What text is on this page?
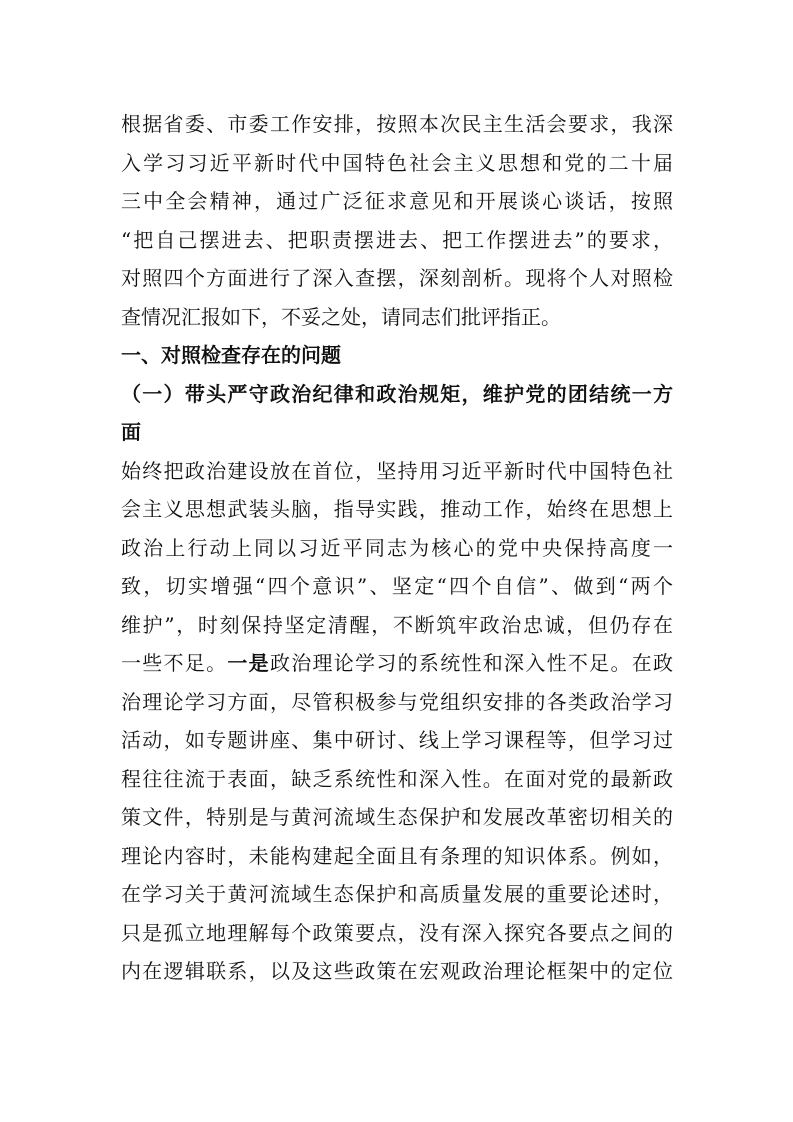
根据省委、市委工作安排，按照本次民主生活会要求，我深
入学习习近平新时代中国特色社会主义思想和党的二十届
三中全会精神，通过广泛征求意见和开展谈心谈话，按照
“把自己摆进去、把职责摆进去、把工作摆进去”的要求，
对照四个方面进行了深入查摆，深刻剖析。现将个人对照检
查情况汇报如下，不妥之处，请同志们批评指正。
一、对照检查存在的问题
（一）带头严守政治纪律和政治规矩，维护党的团结统一方
面
始终把政治建设放在首位，坚持用习近平新时代中国特色社
会主义思想武装头脑，指导实践，推动工作，始终在思想上
政治上行动上同以习近平同志为核心的党中央保持高度一
致，切实增强“四个意识”、坚定“四个自信”、做到“两个
维护”，时刻保持坚定清醒，不断筑牢政治忠诚，但仍存在
一些不足。一是政治理论学习的系统性和深入性不足。在政
治理论学习方面，尽管积极参与党组织安排的各类政治学习
活动，如专题讲座、集中研讨、线上学习课程等，但学习过
程往往流于表面，缺乏系统性和深入性。在面对党的最新政
策文件，特别是与黄河流域生态保护和发展改革密切相关的
理论内容时，未能构建起全面且有条理的知识体系。例如，
在学习关于黄河流域生态保护和高质量发展的重要论述时，
只是孤立地理解每个政策要点，没有深入探究各要点之间的
内在逻辑联系，以及这些政策在宏观政治理论框架中的定位
